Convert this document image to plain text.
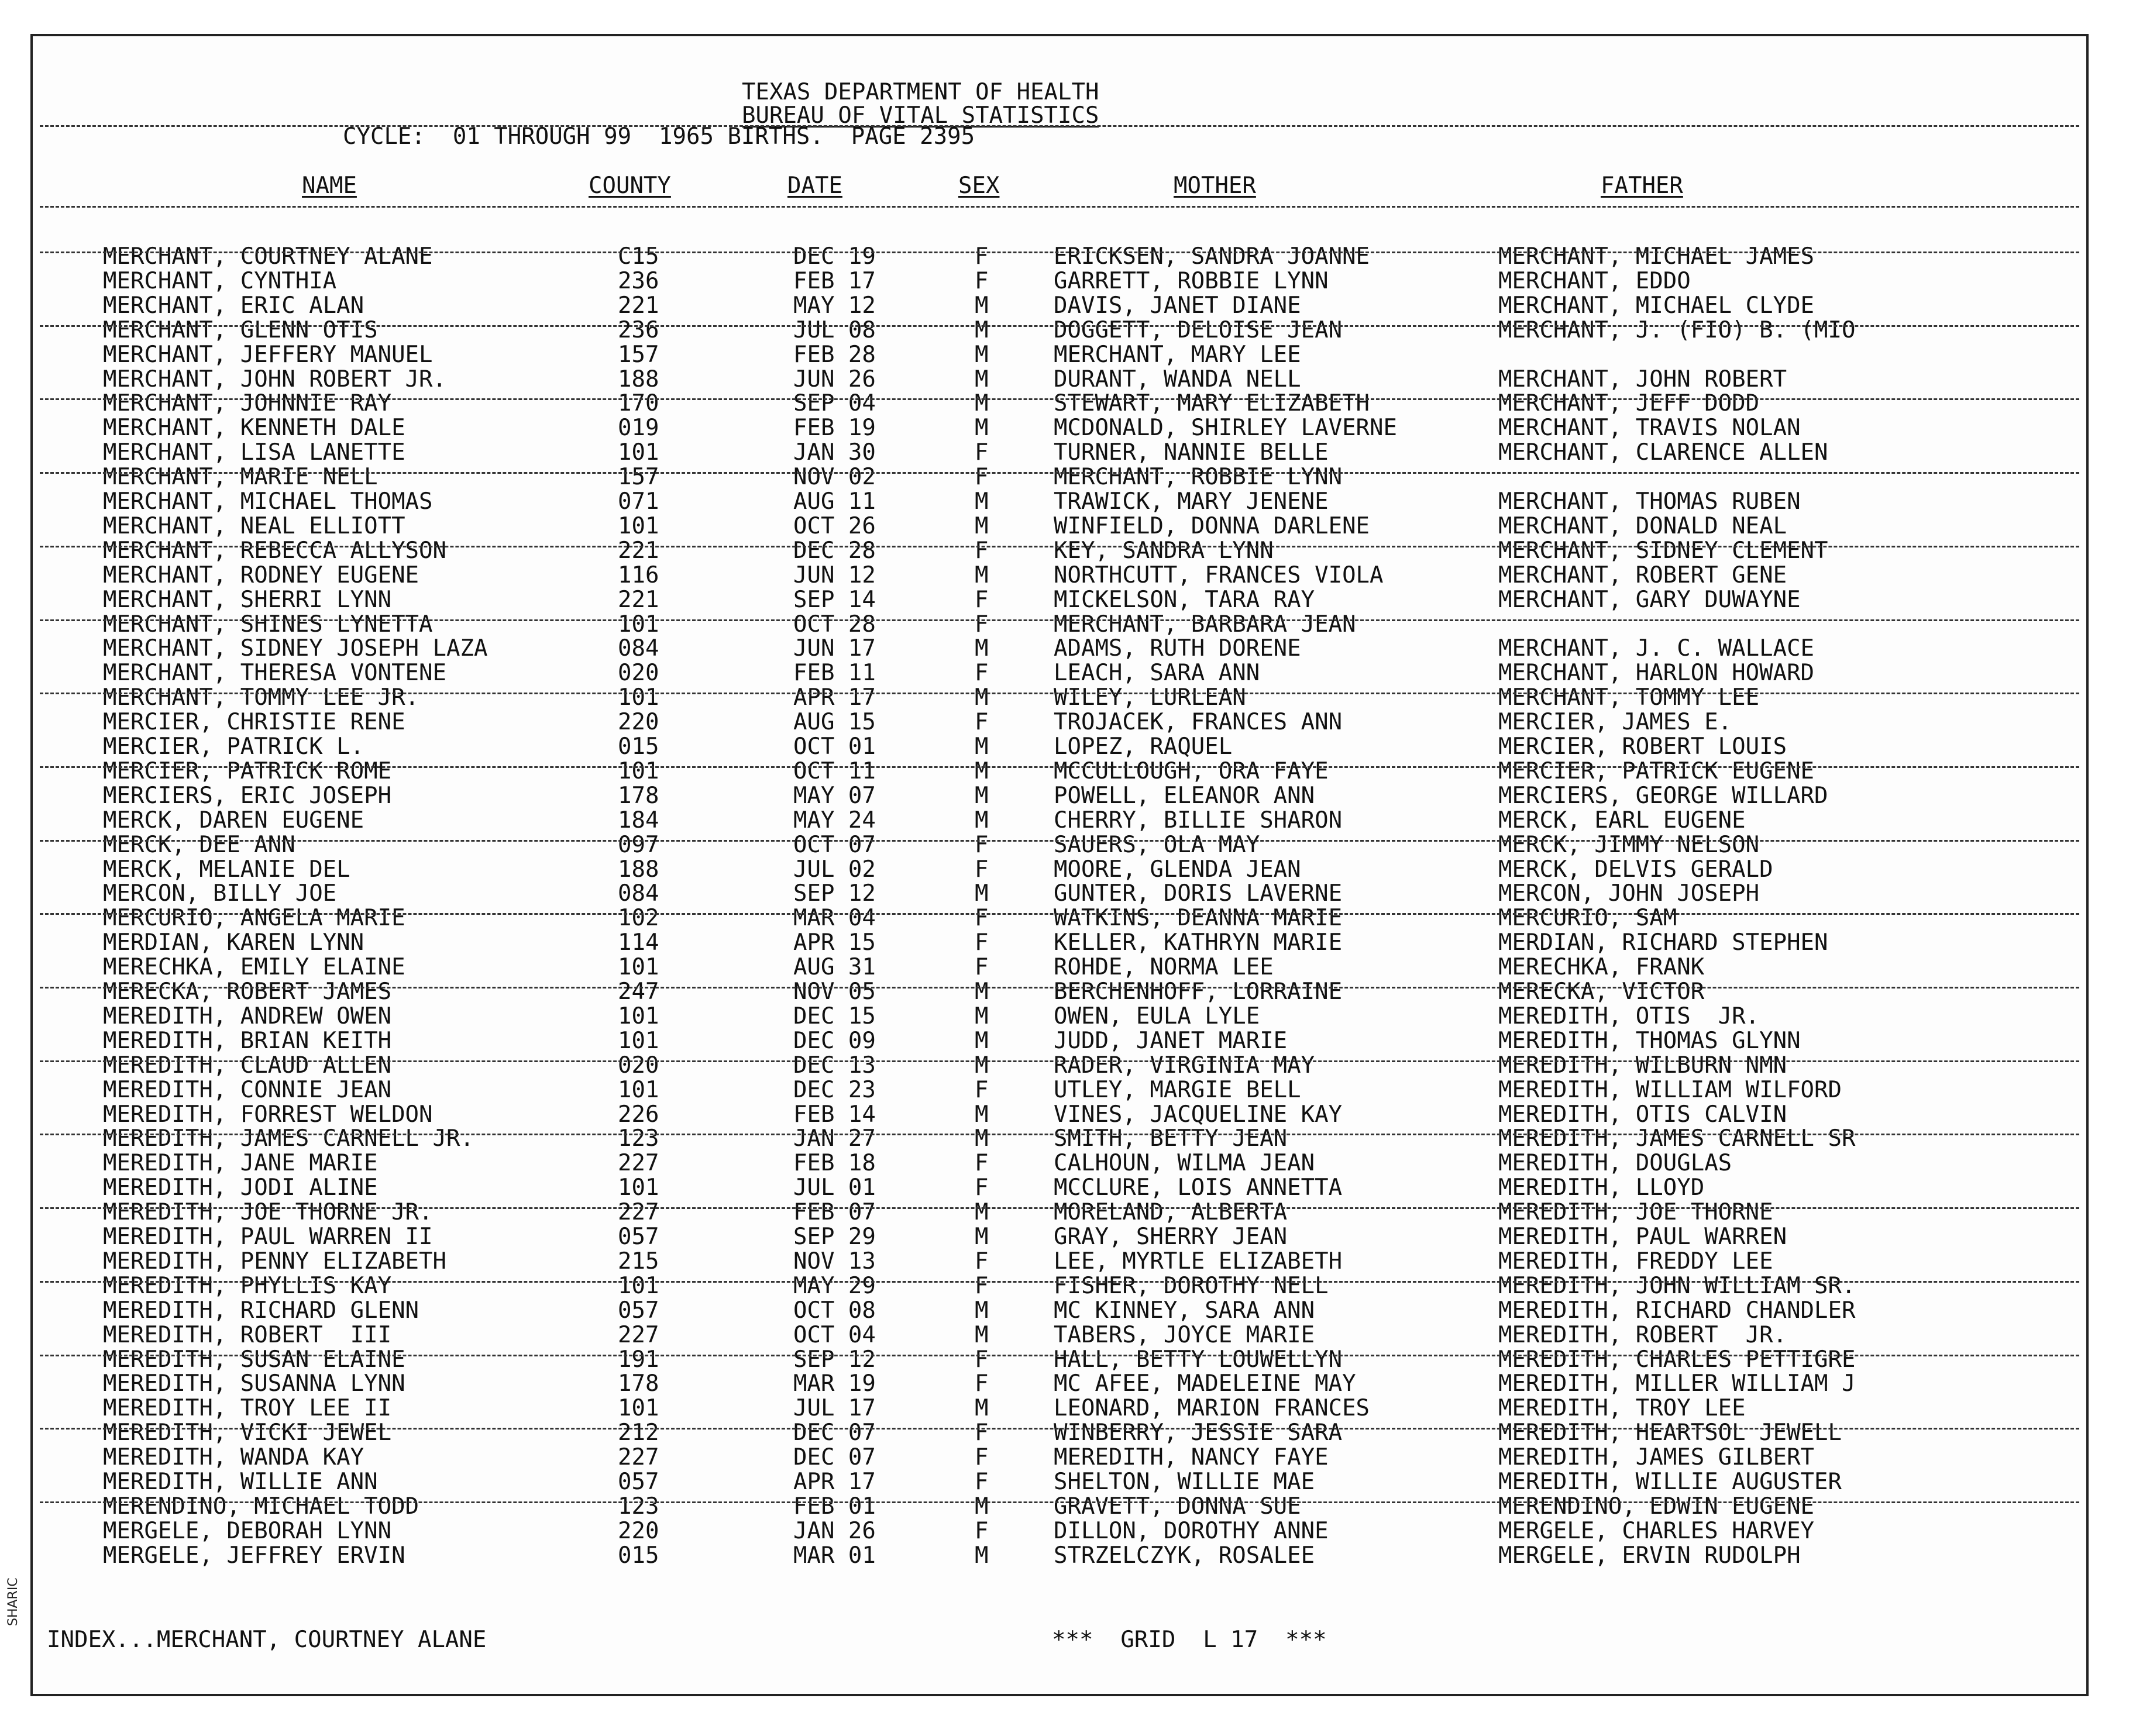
TEXAS DEPARTMENT OF HEALTH
BUREAU OF VITAL STATISTICS
CYCLE:  01 THROUGH 99  1965 BIRTHS.  PAGE 2395
NAME	COUNTY	DATE	SEX	MOTHER	FATHER
MERCHANT, COURTNEY ALANE	C15	DEC 19	F	ERICKSEN, SANDRA JOANNE	MERCHANT, MICHAEL JAMES
MERCHANT, CYNTHIA	236	FEB 17	F	GARRETT, ROBBIE LYNN	MERCHANT, EDDO
MERCHANT, ERIC ALAN	221	MAY 12	M	DAVIS, JANET DIANE	MERCHANT, MICHAEL CLYDE
MERCHANT, GLENN OTIS	236	JUL 08	M	DOGGETT, DELOISE JEAN	MERCHANT, J. (FIO) B. (MIO
MERCHANT, JEFFERY MANUEL	157	FEB 28	M	MERCHANT, MARY LEE
MERCHANT, JOHN ROBERT JR.	188	JUN 26	M	DURANT, WANDA NELL	MERCHANT, JOHN ROBERT
MERCHANT, JOHNNIE RAY	170	SEP 04	M	STEWART, MARY ELIZABETH	MERCHANT, JEFF DODD
MERCHANT, KENNETH DALE	019	FEB 19	M	MCDONALD, SHIRLEY LAVERNE	MERCHANT, TRAVIS NOLAN
MERCHANT, LISA LANETTE	101	JAN 30	F	TURNER, NANNIE BELLE	MERCHANT, CLARENCE ALLEN
MERCHANT, MARIE NELL	157	NOV 02	F	MERCHANT, ROBBIE LYNN
MERCHANT, MICHAEL THOMAS	071	AUG 11	M	TRAWICK, MARY JENENE	MERCHANT, THOMAS RUBEN
MERCHANT, NEAL ELLIOTT	101	OCT 26	M	WINFIELD, DONNA DARLENE	MERCHANT, DONALD NEAL
MERCHANT, REBECCA ALLYSON	221	DEC 28	F	KEY, SANDRA LYNN	MERCHANT, SIDNEY CLEMENT
MERCHANT, RODNEY EUGENE	116	JUN 12	M	NORTHCUTT, FRANCES VIOLA	MERCHANT, ROBERT GENE
MERCHANT, SHERRI LYNN	221	SEP 14	F	MICKELSON, TARA RAY	MERCHANT, GARY DUWAYNE
MERCHANT, SHINES LYNETTA	101	OCT 28	F	MERCHANT, BARBARA JEAN
MERCHANT, SIDNEY JOSEPH LAZA	084	JUN 17	M	ADAMS, RUTH DORENE	MERCHANT, J. C. WALLACE
MERCHANT, THERESA VONTENE	020	FEB 11	F	LEACH, SARA ANN	MERCHANT, HARLON HOWARD
MERCHANT, TOMMY LEE JR.	101	APR 17	M	WILEY, LURLEAN	MERCHANT, TOMMY LEE
MERCIER, CHRISTIE RENE	220	AUG 15	F	TROJACEK, FRANCES ANN	MERCIER, JAMES E.
MERCIER, PATRICK L.	015	OCT 01	M	LOPEZ, RAQUEL	MERCIER, ROBERT LOUIS
MERCIER, PATRICK ROME	101	OCT 11	M	MCCULLOUGH, ORA FAYE	MERCIER, PATRICK EUGENE
MERCIERS, ERIC JOSEPH	178	MAY 07	M	POWELL, ELEANOR ANN	MERCIERS, GEORGE WILLARD
MERCK, DAREN EUGENE	184	MAY 24	M	CHERRY, BILLIE SHARON	MERCK, EARL EUGENE
MERCK, DEE ANN	097	OCT 07	F	SAUERS, OLA MAY	MERCK, JIMMY NELSON
MERCK, MELANIE DEL	188	JUL 02	F	MOORE, GLENDA JEAN	MERCK, DELVIS GERALD
MERCON, BILLY JOE	084	SEP 12	M	GUNTER, DORIS LAVERNE	MERCON, JOHN JOSEPH
MERCURIO, ANGELA MARIE	102	MAR 04	F	WATKINS, DEANNA MARIE	MERCURIO, SAM
MERDIAN, KAREN LYNN	114	APR 15	F	KELLER, KATHRYN MARIE	MERDIAN, RICHARD STEPHEN
MERECHKA, EMILY ELAINE	101	AUG 31	F	ROHDE, NORMA LEE	MERECHKA, FRANK
MERECKA, ROBERT JAMES	247	NOV 05	M	BERCHENHOFF, LORRAINE	MERECKA, VICTOR
MEREDITH, ANDREW OWEN	101	DEC 15	M	OWEN, EULA LYLE	MEREDITH, OTIS  JR.
MEREDITH, BRIAN KEITH	101	DEC 09	M	JUDD, JANET MARIE	MEREDITH, THOMAS GLYNN
MEREDITH, CLAUD ALLEN	020	DEC 13	M	RADER, VIRGINIA MAY	MEREDITH, WILBURN NMN
MEREDITH, CONNIE JEAN	101	DEC 23	F	UTLEY, MARGIE BELL	MEREDITH, WILLIAM WILFORD
MEREDITH, FORREST WELDON	226	FEB 14	M	VINES, JACQUELINE KAY	MEREDITH, OTIS CALVIN
MEREDITH, JAMES CARNELL JR.	123	JAN 27	M	SMITH, BETTY JEAN	MEREDITH, JAMES CARNELL SR
MEREDITH, JANE MARIE	227	FEB 18	F	CALHOUN, WILMA JEAN	MEREDITH, DOUGLAS
MEREDITH, JODI ALINE	101	JUL 01	F	MCCLURE, LOIS ANNETTA	MEREDITH, LLOYD
MEREDITH, JOE THORNE JR.	227	FEB 07	M	MORELAND, ALBERTA	MEREDITH, JOE THORNE
MEREDITH, PAUL WARREN II	057	SEP 29	M	GRAY, SHERRY JEAN	MEREDITH, PAUL WARREN
MEREDITH, PENNY ELIZABETH	215	NOV 13	F	LEE, MYRTLE ELIZABETH	MEREDITH, FREDDY LEE
MEREDITH, PHYLLIS KAY	101	MAY 29	F	FISHER, DOROTHY NELL	MEREDITH, JOHN WILLIAM SR.
MEREDITH, RICHARD GLENN	057	OCT 08	M	MC KINNEY, SARA ANN	MEREDITH, RICHARD CHANDLER
MEREDITH, ROBERT  III	227	OCT 04	M	TABERS, JOYCE MARIE	MEREDITH, ROBERT  JR.
MEREDITH, SUSAN ELAINE	191	SEP 12	F	HALL, BETTY LOUWELLYN	MEREDITH, CHARLES PETTIGRE
MEREDITH, SUSANNA LYNN	178	MAR 19	F	MC AFEE, MADELEINE MAY	MEREDITH, MILLER WILLIAM J
MEREDITH, TROY LEE II	101	JUL 17	M	LEONARD, MARION FRANCES	MEREDITH, TROY LEE
MEREDITH, VICKI JEWEL	212	DEC 07	F	WINBERRY, JESSIE SARA	MEREDITH, HEARTSOL JEWELL
MEREDITH, WANDA KAY	227	DEC 07	F	MEREDITH, NANCY FAYE	MEREDITH, JAMES GILBERT
MEREDITH, WILLIE ANN	057	APR 17	F	SHELTON, WILLIE MAE	MEREDITH, WILLIE AUGUSTER
MERENDINO, MICHAEL TODD	123	FEB 01	M	GRAVETT, DONNA SUE	MERENDINO, EDWIN EUGENE
MERGELE, DEBORAH LYNN	220	JAN 26	F	DILLON, DOROTHY ANNE	MERGELE, CHARLES HARVEY
MERGELE, JEFFREY ERVIN	015	MAR 01	M	STRZELCZYK, ROSALEE	MERGELE, ERVIN RUDOLPH
INDEX...MERCHANT, COURTNEY ALANE	***  GRID  L 17  ***
SHARIC
